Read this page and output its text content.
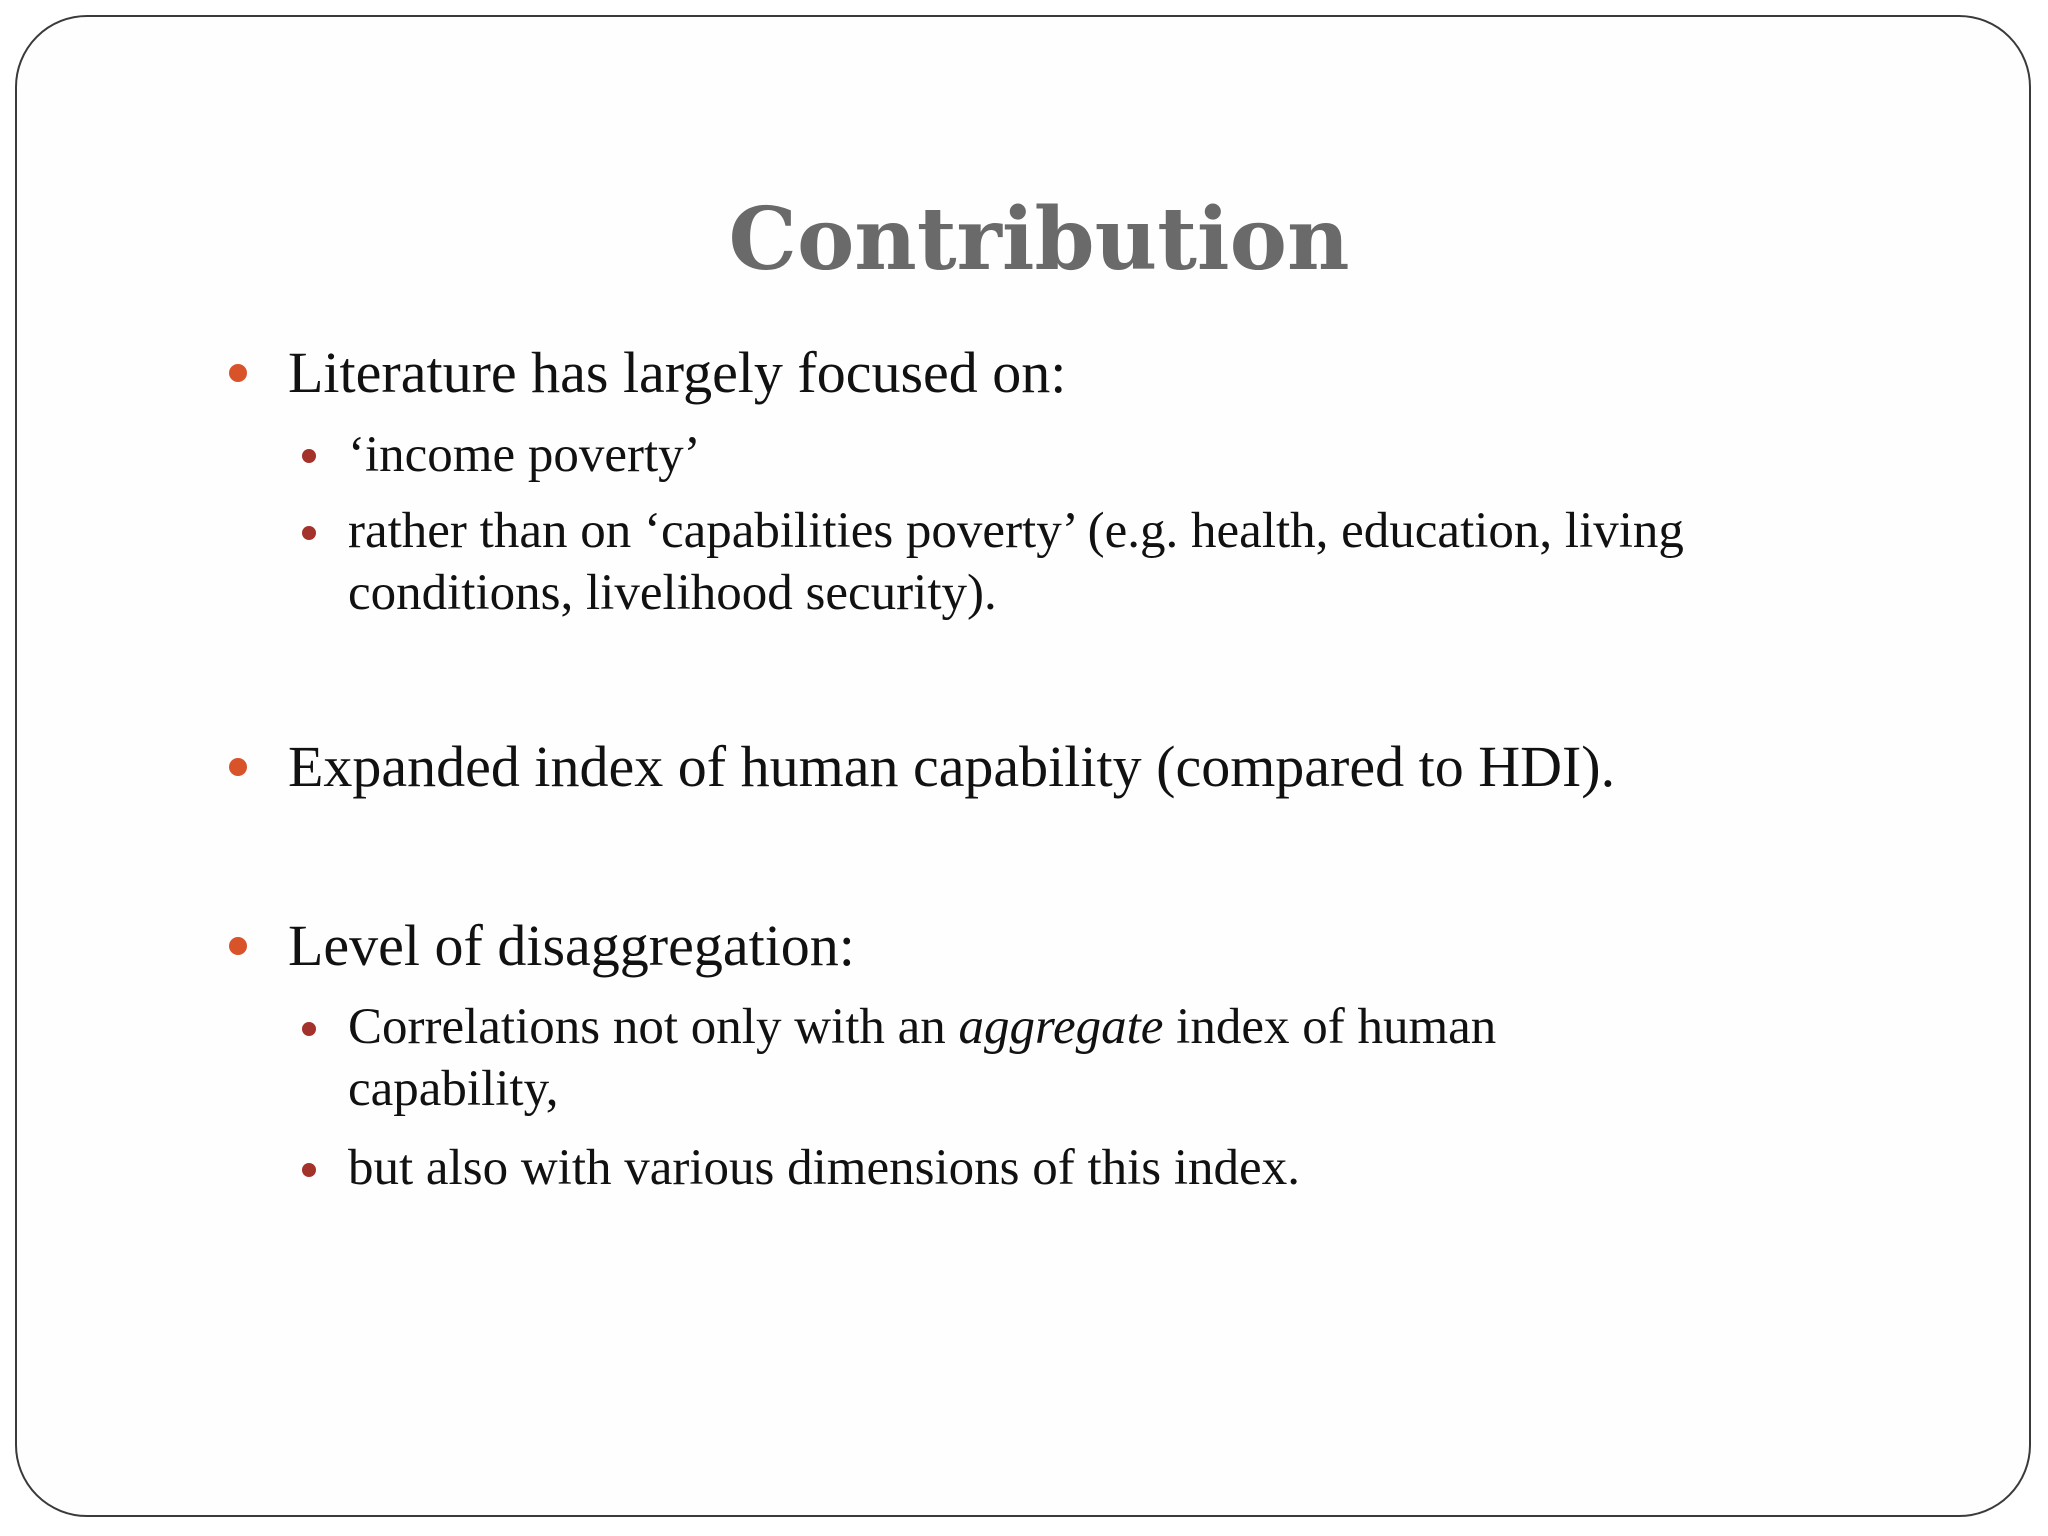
Contribution
Literature has largely focused on:
‘income poverty’
rather than on ‘capabilities poverty’ (e.g. health, education, living
conditions, livelihood security).
Expanded index of human capability (compared to HDI).
Level of disaggregation:
Correlations not only with an aggregate index of human
capability,
but also with various dimensions of this index.
